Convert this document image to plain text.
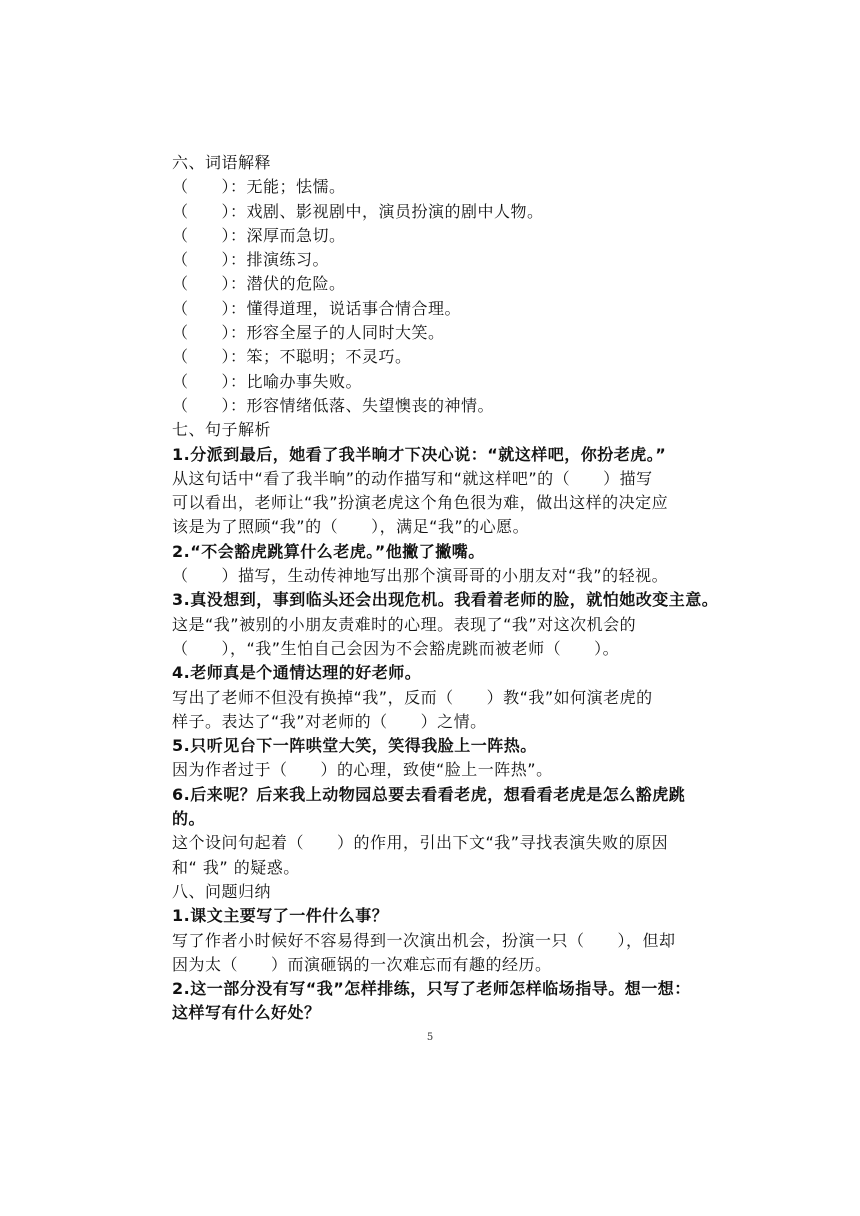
六、词语解释
（　　）：无能；怯懦。
（　　）：戏剧、影视剧中，演员扮演的剧中人物。
（　　）：深厚而急切。
（　　）：排演练习。
（　　）：潜伏的危险。
（　　）：懂得道理，说话事合情合理。
（　　）：形容全屋子的人同时大笑。
（　　）：笨；不聪明；不灵巧。
（　　）：比喻办事失败。
（　　）：形容情绪低落、失望懊丧的神情。
七、句子解析
1.分派到最后，她看了我半晌才下决心说：“就这样吧，你扮老虎。”
从这句话中“看了我半晌”的动作描写和“就这样吧”的（　　）描写
可以看出，老师让“我”扮演老虎这个角色很为难，做出这样的决定应
该是为了照顾“我”的（　　），满足“我”的心愿。
2.“不会豁虎跳算什么老虎。”他撇了撇嘴。
（　　）描写，生动传神地写出那个演哥哥的小朋友对“我”的轻视。
3.真没想到，事到临头还会出现危机。我看着老师的脸，就怕她改变主意。
这是“我”被别的小朋友责难时的心理。表现了“我”对这次机会的
（　　），“我”生怕自己会因为不会豁虎跳而被老师（　　）。
4.老师真是个通情达理的好老师。
写出了老师不但没有换掉“我”，反而（　　）教“我”如何演老虎的
样子。表达了“我”对老师的（　　）之情。
5.只听见台下一阵哄堂大笑，笑得我脸上一阵热。
因为作者过于（　　）的心理，致使“脸上一阵热”。
6.后来呢？后来我上动物园总要去看看老虎，想看看老虎是怎么豁虎跳
的。
这个设问句起着（　　）的作用，引出下文“我”寻找表演失败的原因
和“ 我” 的疑惑。
八、问题归纳
1.课文主要写了一件什么事？
写了作者小时候好不容易得到一次演出机会，扮演一只（　　），但却
因为太（　　）而演砸锅的一次难忘而有趣的经历。
2.这一部分没有写“我”怎样排练，只写了老师怎样临场指导。想一想：
这样写有什么好处？
5
